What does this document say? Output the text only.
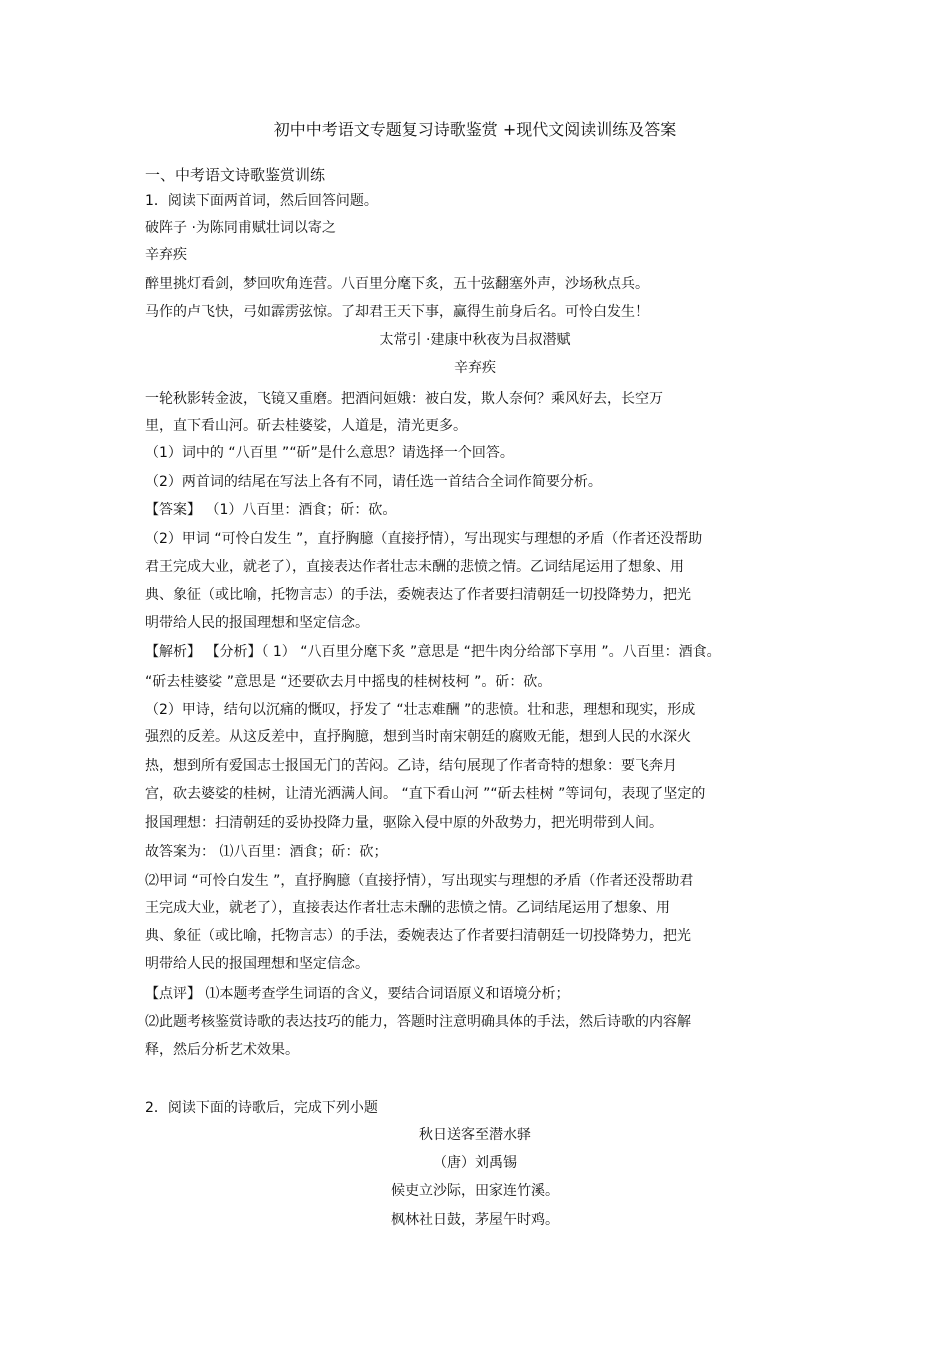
初中中考语文专题复习诗歌鉴赏 +现代文阅读训练及答案
一、中考语文诗歌鉴赏训练
1．阅读下面两首词，然后回答问题。
破阵子 ·为陈同甫赋壮词以寄之
辛弃疾
醉里挑灯看剑，梦回吹角连营。八百里分麾下炙，五十弦翻塞外声，沙场秋点兵。
马作的卢飞快，弓如霹雳弦惊。了却君王天下事，赢得生前身后名。可怜白发生！
太常引 ·建康中秋夜为吕叔潜赋
辛弃疾
一轮秋影转金波，飞镜又重磨。把酒问姮娥：被白发，欺人奈何？乘风好去，长空万
里，直下看山河。斫去桂婆娑，人道是，清光更多。
（1）词中的 “八百里 ”“斫”是什么意思？请选择一个回答。
（2）两首词的结尾在写法上各有不同，请任选一首结合全词作简要分析。
【答案】 （1）八百里：酒食；斫：砍。
（2）甲词 “可怜白发生 ”，直抒胸臆（直接抒情），写出现实与理想的矛盾（作者还没帮助
君王完成大业，就老了），直接表达作者壮志未酬的悲愤之情。乙词结尾运用了想象、用
典、象征（或比喻，托物言志）的手法，委婉表达了作者要扫清朝廷一切投降势力，把光
明带给人民的报国理想和坚定信念。
【解析】 【分析】（ 1） “八百里分麾下炙 ”意思是 “把牛肉分给部下享用 ”。八百里：酒食。
“斫去桂婆娑 ”意思是 “还要砍去月中摇曳的桂树枝柯 ”。斫：砍。
（2）甲诗，结句以沉痛的慨叹，抒发了 “壮志难酬 ”的悲愤。壮和悲，理想和现实，形成
强烈的反差。从这反差中，直抒胸臆，想到当时南宋朝廷的腐败无能，想到人民的水深火
热，想到所有爱国志士报国无门的苦闷。乙诗，结句展现了作者奇特的想象：要飞奔月
宫，砍去婆娑的桂树，让清光洒满人间。 “直下看山河 ”“斫去桂树 ”等词句，表现了坚定的
报国理想：扫清朝廷的妥协投降力量，驱除入侵中原的外敌势力，把光明带到人间。
故答案为： ⑴八百里：酒食；斫：砍；
⑵甲词 “可怜白发生 ”，直抒胸臆（直接抒情），写出现实与理想的矛盾（作者还没帮助君
王完成大业，就老了），直接表达作者壮志未酬的悲愤之情。乙词结尾运用了想象、用
典、象征（或比喻，托物言志）的手法，委婉表达了作者要扫清朝廷一切投降势力，把光
明带给人民的报国理想和坚定信念。
【点评】 ⑴本题考查学生词语的含义，要结合词语原义和语境分析；
⑵此题考核鉴赏诗歌的表达技巧的能力，答题时注意明确具体的手法，然后诗歌的内容解
释，然后分析艺术效果。
2．阅读下面的诗歌后，完成下列小题
秋日送客至潜水驿
（唐）刘禹锡
候吏立沙际，田家连竹溪。
枫林社日鼓，茅屋午时鸡。
